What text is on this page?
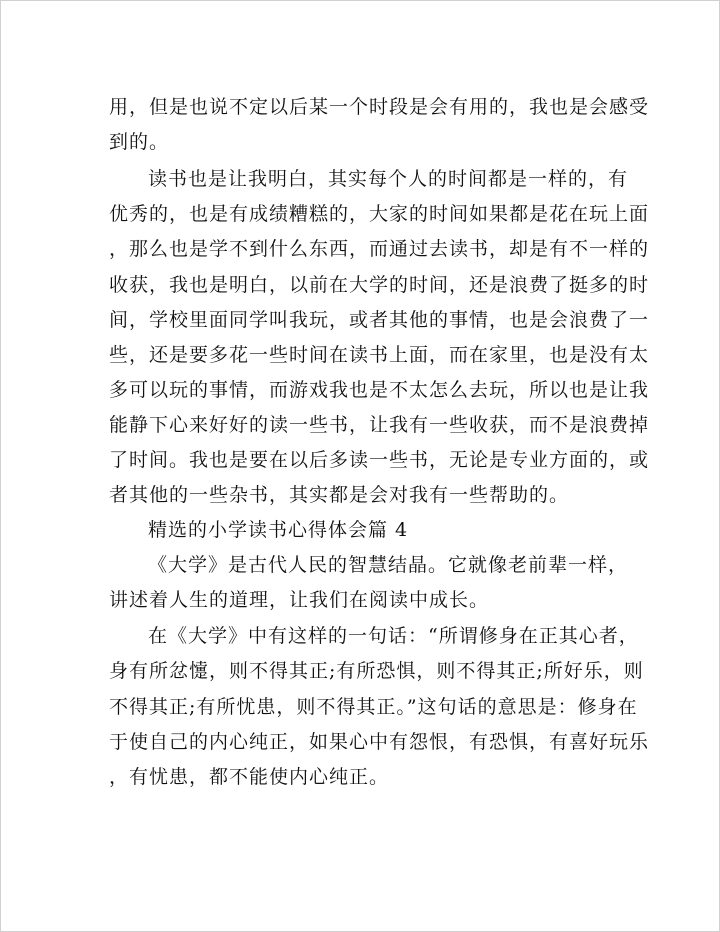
用，但是也说不定以后某一个时段是会有用的，我也是会感受
到的。
读书也是让我明白，其实每个人的时间都是一样的，有
优秀的，也是有成绩糟糕的，大家的时间如果都是花在玩上面
，那么也是学不到什么东西，而通过去读书，却是有不一样的
收获，我也是明白，以前在大学的时间，还是浪费了挺多的时
间，学校里面同学叫我玩，或者其他的事情，也是会浪费了一
些，还是要多花一些时间在读书上面，而在家里，也是没有太
多可以玩的事情，而游戏我也是不太怎么去玩，所以也是让我
能静下心来好好的读一些书，让我有一些收获，而不是浪费掉
了时间。我也是要在以后多读一些书，无论是专业方面的，或
者其他的一些杂书，其实都是会对我有一些帮助的。
精选的小学读书心得体会篇 4
《大学》是古代人民的智慧结晶。它就像老前辈一样，
讲述着人生的道理，让我们在阅读中成长。
在《大学》中有这样的一句话：“所谓修身在正其心者，
身有所忿懥，则不得其正;有所恐惧，则不得其正;所好乐，则
不得其正;有所忧患，则不得其正。”这句话的意思是：修身在
于使自己的内心纯正，如果心中有怨恨，有恐惧，有喜好玩乐
，有忧患，都不能使内心纯正。
